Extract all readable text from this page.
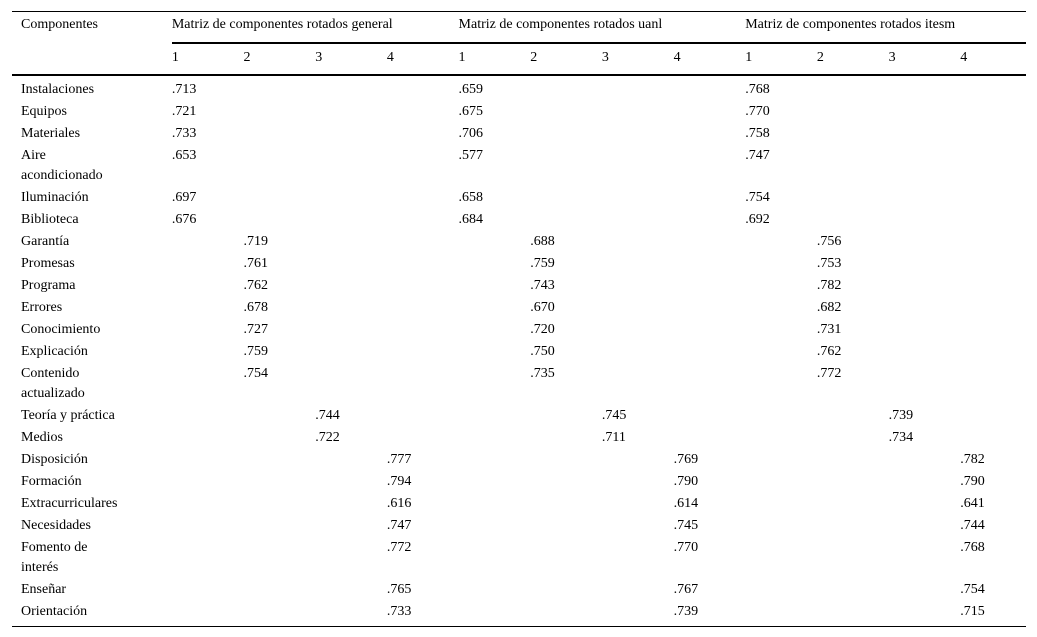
Componentes	Matriz de componentes rotados general				Matriz de componentes rotados uanl				Matriz de componentes rotados itesm			
	1	2	3	4	1	2	3	4	1	2	3	4
Instalaciones	.713				.659				.768			
Equipos	.721				.675				.770			
Materiales	.733				.706				.758			
Aire acondicionado	.653				.577				.747			
Iluminación	.697				.658				.754			
Biblioteca	.676				.684				.692			
Garantía		.719				.688				.756		
Promesas		.761				.759				.753		
Programa		.762				.743				.782		
Errores		.678				.670				.682		
Conocimiento		.727				.720				.731		
Explicación		.759				.750				.762		
Contenido actualizado		.754				.735				.772		
Teoría y práctica			.744				.745				.739	
Medios			.722				.711				.734	
Disposición				.777				.769				.782
Formación				.794				.790				.790
Extracurriculares				.616				.614				.641
Necesidades				.747				.745				.744
Fomento de interés				.772				.770				.768
Enseñar				.765				.767				.754
Orientación				.733				.739				.715
